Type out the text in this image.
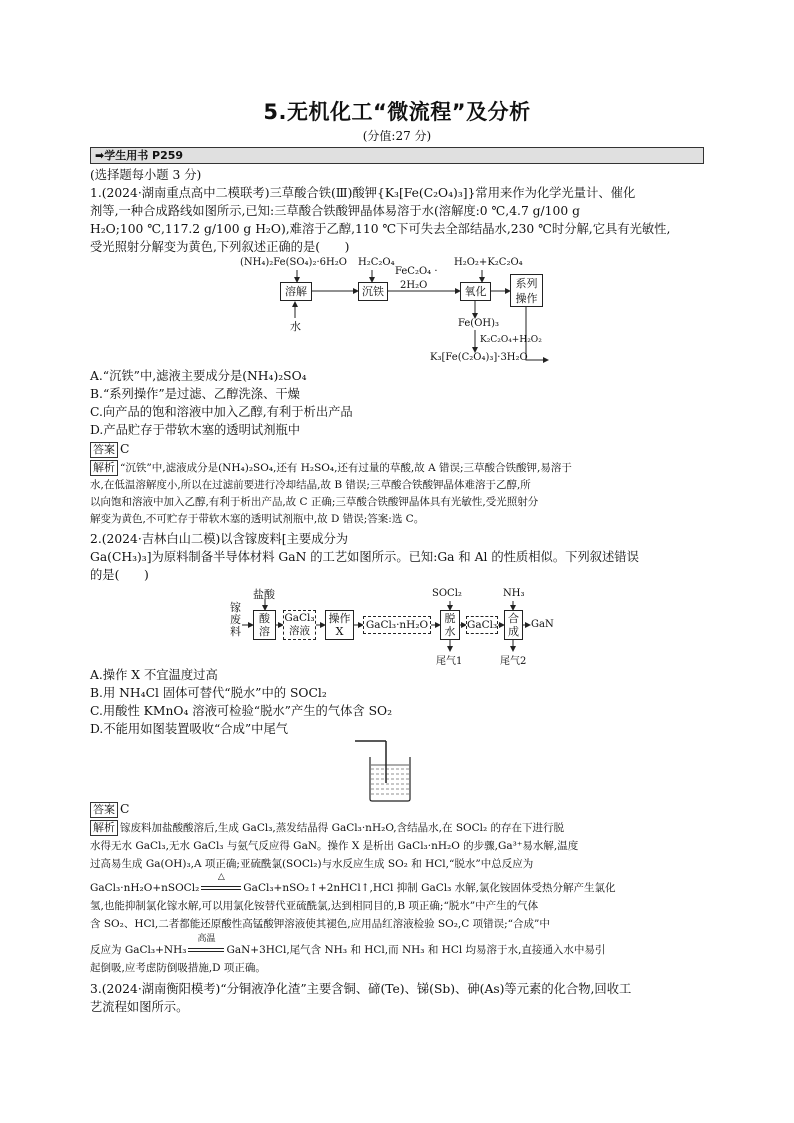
5.无机化工“微流程”及分析
(分值:27 分)
➡学生用书 P259
(选择题每小题 3 分)
1.(2024·湖南重点高中二模联考)三草酸合铁(Ⅲ)酸钾{K₃[Fe(C₂O₄)₃]}常用来作为化学光量计、催化
剂等,一种合成路线如图所示,已知:三草酸合铁酸钾晶体易溶于水(溶解度:0 ℃,4.7 g/100 g
H₂O;100 ℃,117.2 g/100 g H₂O),难溶于乙醇,110 ℃下可失去全部结晶水,230 ℃时分解,它具有光敏性,
受光照射分解变为黄色,下列叙述正确的是(　　)
(NH₄)₂Fe(SO₄)₂·6H₂O H₂C₂O₄
FeC₂O₄ ·
2H₂O
H₂O₂+K₂C₂O₄
溶解	沉铁	氧化
系列操作
水	Fe(OH)₃
K₂C₂O₄+H₂O₂
K₃[Fe(C₂O₄)₃]·3H₂O
A.“沉铁”中,滤液主要成分是(NH₄)₂SO₄
B.“系列操作”是过滤、乙醇洗涤、干燥
C.向产品的饱和溶液中加入乙醇,有利于析出产品
D.产品贮存于带软木塞的透明试剂瓶中
答案 C
解析 “沉铁”中,滤液成分是(NH₄)₂SO₄,还有 H₂SO₄,还有过量的草酸,故 A 错误;三草酸合铁酸钾,易溶于
水,在低温溶解度小,所以在过滤前要进行冷却结晶,故 B 错误;三草酸合铁酸钾晶体难溶于乙醇,所
以向饱和溶液中加入乙醇,有利于析出产品,故 C 正确;三草酸合铁酸钾晶体具有光敏性,受光照射分
解变为黄色,不可贮存于带软木塞的透明试剂瓶中,故 D 错误;答案:选 C。
2.(2024·吉林白山二模)以含镓废料[主要成分为
Ga(CH₃)₃]为原料制备半导体材料 GaN 的工艺如图所示。已知:Ga 和 Al 的性质相似。下列叙述错误
的是(　　)
盐酸
镓废料
酸溶
GaCl₃溶液
操作X	GaCl₃·nH₂O
SOCl₂
脱水	GaCl₃
NH₃
合成
GaN
尾气1	尾气2
A.操作 X 不宜温度过高
B.用 NH₄Cl 固体可替代“脱水”中的 SOCl₂
C.用酸性 KMnO₄ 溶液可检验“脱水”产生的气体含 SO₂
D.不能用如图装置吸收“合成”中尾气
答案 C
解析 镓废料加盐酸酸溶后,生成 GaCl₃,蒸发结晶得 GaCl₃·nH₂O,含结晶水,在 SOCl₂ 的存在下进行脱
水得无水 GaCl₃,无水 GaCl₃ 与氨气反应得 GaN。操作 X 是析出 GaCl₃·nH₂O 的步骤,Ga³⁺易水解,温度
过高易生成 Ga(OH)₃,A 项正确;亚硫酰氯(SOCl₂)与水反应生成 SO₂ 和 HCl,“脱水”中总反应为
GaCl₃·nH₂O+nSOCl₂
△
GaCl₃+nSO₂↑+2nHCl↑,HCl 抑制 GaCl₃ 水解,氯化铵固体受热分解产生氯化
氢,也能抑制氯化镓水解,可以用氯化铵替代亚硫酰氯,达到相同目的,B 项正确;“脱水”中产生的气体
含 SO₂、HCl,二者都能还原酸性高锰酸钾溶液使其褪色,应用品红溶液检验 SO₂,C 项错误;“合成”中
反应为 GaCl₃+NH₃
高温
GaN+3HCl,尾气含 NH₃ 和 HCl,而 NH₃ 和 HCl 均易溶于水,直接通入水中易引
起倒吸,应考虑防倒吸措施,D 项正确。
3.(2024·湖南衡阳模考)“分铜液净化渣”主要含铜、碲(Te)、锑(Sb)、砷(As)等元素的化合物,回收工
艺流程如图所示。
